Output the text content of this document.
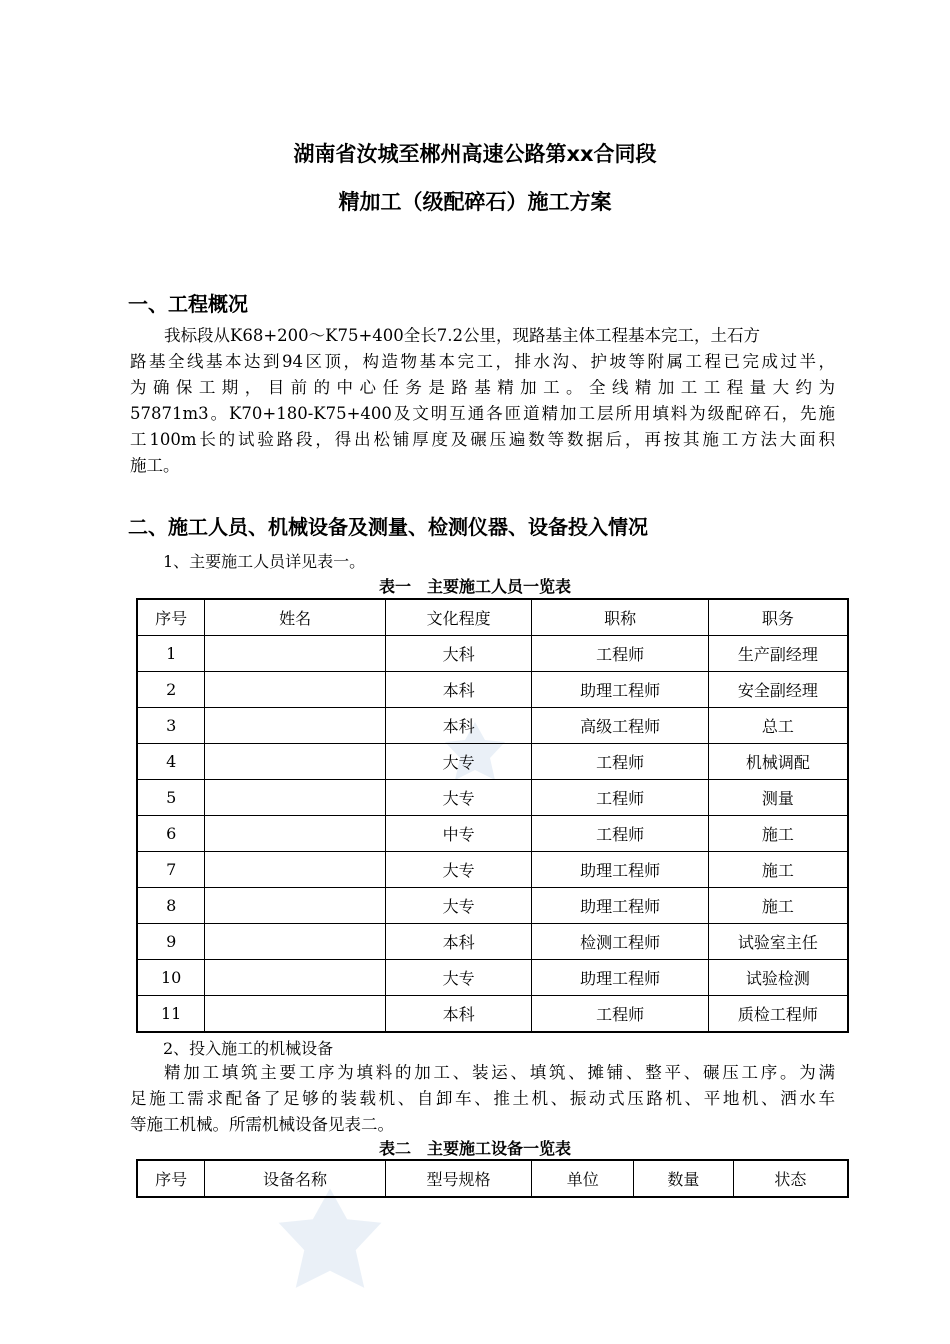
湖南省汝城至郴州高速公路第xx合同段
精加工（级配碎石）施工方案
一、工程概况
我标段从K68+200～K75+400全长7.2公里，现路基主体工程基本完工，土石方
路基全线基本达到94区顶，构造物基本完工，排水沟、护坡等附属工程已完成过半，
为确保工期，目前的中心任务是路基精加工。全线精加工工程量大约为
57871m3。K70+180-K75+400及文明互通各匝道精加工层所用填料为级配碎石，先施
工100m长的试验路段，得出松铺厚度及碾压遍数等数据后，再按其施工方法大面积
施工。
二、施工人员、机械设备及测量、检测仪器、设备投入情况
1、主要施工人员详见表一。
表一　主要施工人员一览表
序号	姓名	文化程度	职称	职务
1		大科	工程师	生产副经理
2		本科	助理工程师	安全副经理
3		本科	高级工程师	总工
4		大专	工程师	机械调配
5		大专	工程师	测量
6		中专	工程师	施工
7		大专	助理工程师	施工
8		大专	助理工程师	施工
9		本科	检测工程师	试验室主任
10		大专	助理工程师	试验检测
11		本科	工程师	质检工程师
2、投入施工的机械设备
精加工填筑主要工序为填料的加工、装运、填筑、摊铺、整平、碾压工序。为满
足施工需求配备了足够的装载机、自卸车、推土机、振动式压路机、平地机、洒水车
等施工机械。所需机械设备见表二。
表二　主要施工设备一览表
序号	设备名称	型号规格	单位	数量	状态
